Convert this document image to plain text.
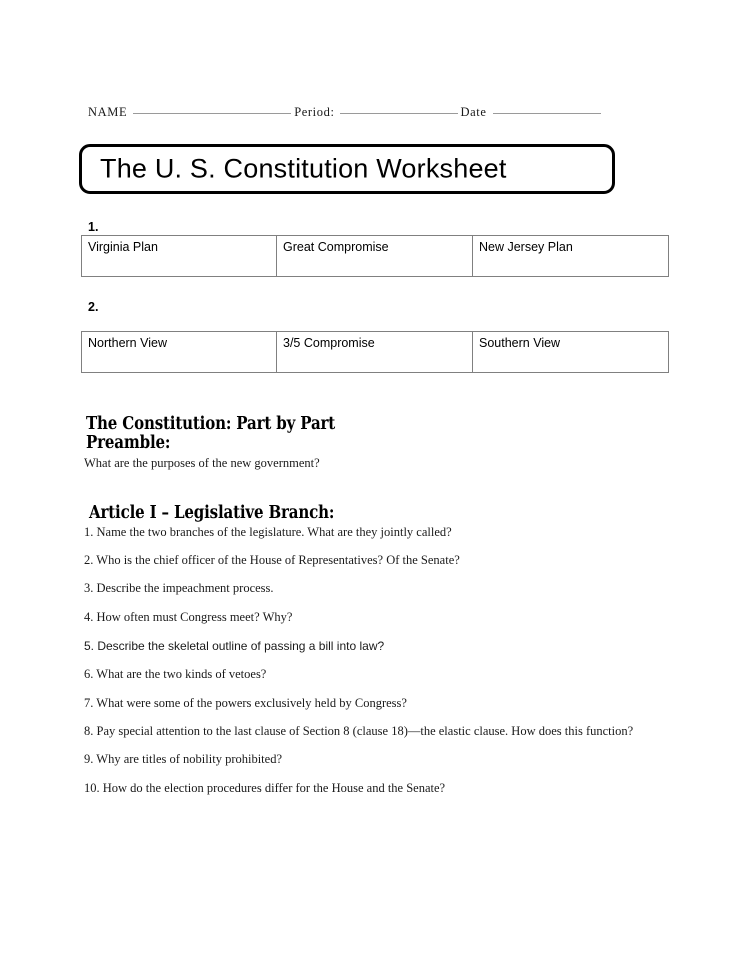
NAME	Period:	Date
The U. S. Constitution Worksheet
1.
Virginia Plan	Great Compromise	New Jersey Plan
2.
Northern View	3/5 Compromise	Southern View
The Constitution: Part by Part
Preamble:
What are the purposes of the new government?
Article I – Legislative Branch:
1. Name the two branches of the legislature. What are they jointly called?
2. Who is the chief officer of the House of Representatives? Of the Senate?
3. Describe the impeachment process.
4. How often must Congress meet? Why?
5. Describe the skeletal outline of passing a bill into law?
6. What are the two kinds of vetoes?
7. What were some of the powers exclusively held by Congress?
8. Pay special attention to the last clause of Section 8 (clause 18)—the elastic clause. How does this function?
9. Why are titles of nobility prohibited?
10. How do the election procedures differ for the House and the Senate?
